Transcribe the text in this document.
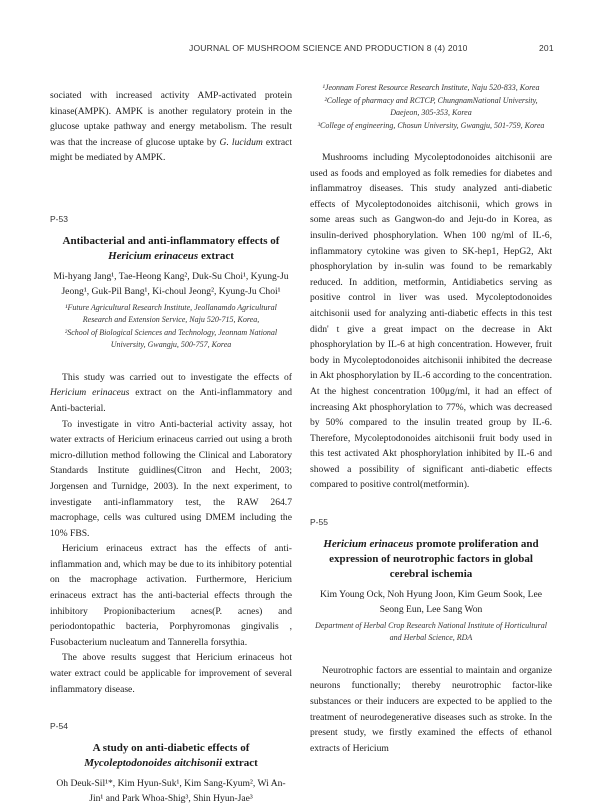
JOURNAL OF MUSHROOM SCIENCE AND PRODUCTION 8 (4) 2010	201

sociated with increased activity AMP-activated protein kinase(AMPK). AMPK is another regulatory protein in the glucose uptake pathway and energy metabolism. The result was that the increase of glucose uptake by G. lucidum extract might be mediated by AMPK.

P-53
Antibacterial and anti-inflammatory effects of
Hericium erinaceus extract
Mi-hyang Jang¹, Tae-Heong Kang², Duk-Su Choi¹, Kyung-Ju Jeong¹, Guk-Pil Bang¹, Ki-choul Jeong², Kyung-Ju Choi¹
¹Future Agricultural Research Institute, Jeollanamdo Agricultural Research and Extension Service, Naju 520-715, Korea,
²School of Biological Sciences and Technology, Jeonnam National University, Gwangju, 500-757, Korea

This study was carried out to investigate the effects of Hericium erinaceus extract on the Anti-inflammatory and Anti-bacterial.

To investigate in vitro Anti-bacterial activity assay, hot water extracts of Hericium erinaceus carried out using a broth micro-dillution method following the Clinical and Laboratory Standards Institute guidlines(Citron and Hecht, 2003; Jorgensen and Turnidge, 2003). In the next experiment, to investigate anti-inflammatory test, the RAW 264.7 macrophage, cells was cultured using DMEM including the 10% FBS.

Hericium erinaceus extract has the effects of anti-inflammation and, which may be due to its inhibitory potential on the macrophage activation. Furthermore, Hericium erinaceus extract has the anti-bacterial effects through the inhibitory Propionibacterium acnes(P. acnes) and periodontopathic bacteria, Porphyromonas gingivalis , Fusobacterium nucleatum and Tannerella forsythia.

The above results suggest that Hericium erinaceus hot water extract could be applicable for improvement of several inflammatory disease.

P-54
A study on anti-diabetic effects of
Mycoleptodonoides aitchisonii extract
Oh Deuk-Sil¹*, Kim Hyun-Suk¹, Kim Sang-Kyum², Wi An-Jin¹ and Park Whoa-Shig³, Shin Hyun-Jae³
¹Jeonnam Forest Resource Research Institute, Naju 520-833, Korea
²College of pharmacy and RCTCP, ChungnamNational University, Daejeon, 305-353, Korea
³College of engineering, Chosun University, Gwangju, 501-759, Korea

Mushrooms including Mycoleptodonoides aitchisonii are used as foods and employed as folk remedies for diabetes and inflammatroy diseases. This study analyzed anti-diabetic effects of Mycoleptodonoides aitchisonii, which grows in some areas such as Gangwon-do and Jeju-do in Korea, as insulin-derived phosphorylation. When 100 ng/ml of IL-6, inflammatory cytokine was given to SK-hep1, HepG2, Akt phosphorylation by in-sulin was found to be remarkably reduced. In addition, metformin, Antidiabetics serving as positive control in liver was used. Mycoleptodonoides aitchisonii used for analyzing anti-diabetic effects in this test didn' t give a great impact on the decrease in Akt phosphorylation by IL-6 at high concentration. However, fruit body in Mycoleptodonoides aitchisonii inhibited the decrease in Akt phosphorylation by IL-6 according to the concentration. At the highest concentration 100μg/ml, it had an effect of increasing Akt phosphorylation to 77%, which was decreased by 50% compared to the insulin treated group by IL-6. Therefore, Mycoleptodonoides aitchisonii fruit body used in this test activated Akt phosphorylation inhibited by IL-6 and showed a possibility of significant anti-diabetic effects compared to positive control(metformin).

P-55
Hericium erinaceus promote proliferation and expression of neurotrophic factors in global cerebral ischemia
Kim Young Ock, Noh Hyung Joon, Kim Geum Sook, Lee Seong Eun, Lee Sang Won
Department of Herbal Crop Research National Institute of Horticultural and Herbal Science, RDA

Neurotrophic factors are essential to maintain and organize neurons functionally; thereby neurotrophic factor-like substances or their inducers are expected to be applied to the treatment of neurodegenerative diseases such as stroke. In the present study, we firstly examined the effects of ethanol extracts of Hericium
